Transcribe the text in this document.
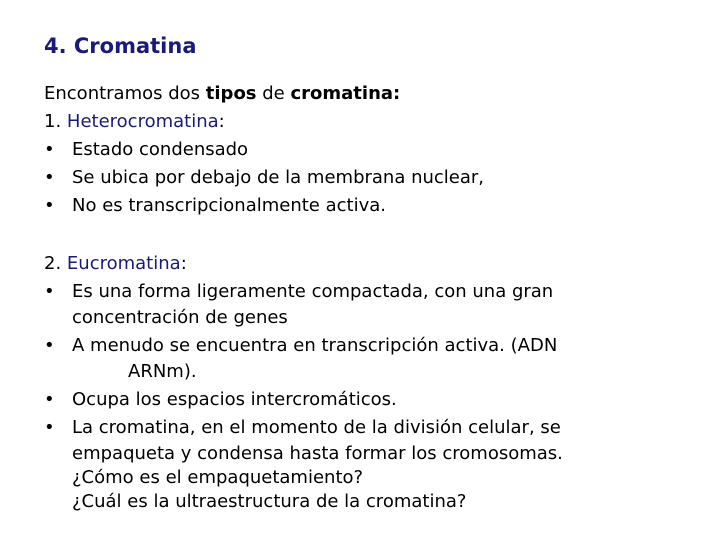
4. Cromatina

Encontramos dos tipos de cromatina:

1. Heterocromatina:

• Estado condensado

• Se ubica por debajo de la membrana nuclear,

• No es transcripcionalmente activa.

2. Eucromatina:

• Es una forma ligeramente compactada, con una gran

concentración de genes

• A menudo se encuentra en transcripción activa. (ADN

ARNm).

• Ocupa los espacios intercromáticos.

• La cromatina, en el momento de la división celular, se

empaqueta y condensa hasta formar los cromosomas.

¿Cómo es el empaquetamiento?

¿Cuál es la ultraestructura de la cromatina?
